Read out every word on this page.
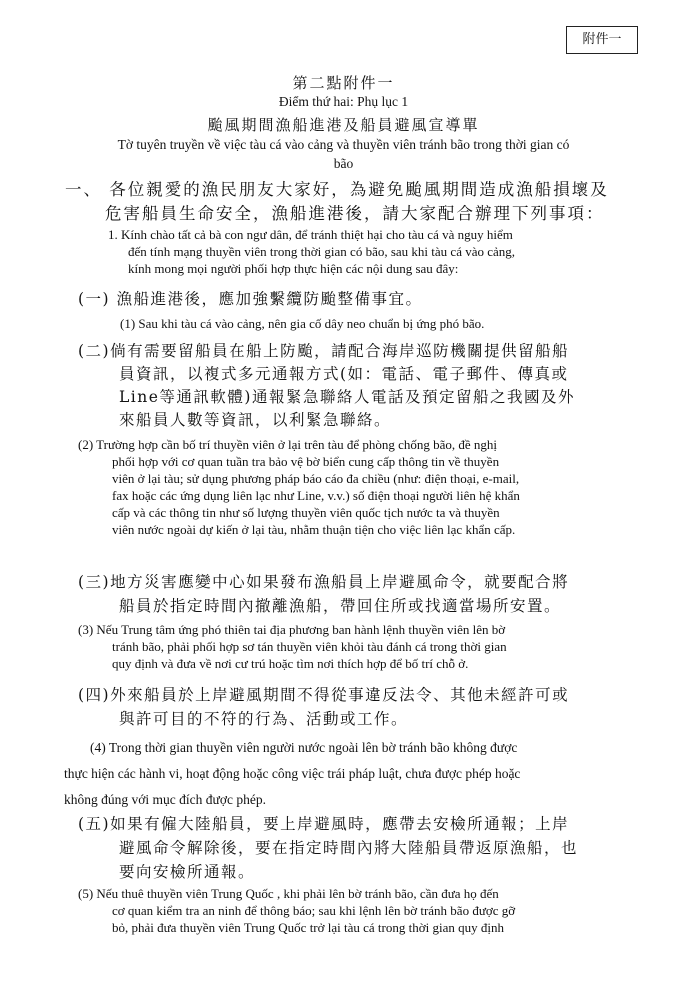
附件一
第二點附件一
Điểm thứ hai: Phụ lục 1
颱風期間漁船進港及船員避風宣導單
Tờ tuyên truyền về việc tàu cá vào cảng và thuyền viên tránh bão trong thời gian có
bão
一、 各位親愛的漁民朋友大家好，為避免颱風期間造成漁船損壞及
危害船員生命安全，漁船進港後，請大家配合辦理下列事項：
1. Kính chào tất cả bà con ngư dân, để tránh thiệt hại cho tàu cá và nguy hiểm
đến tính mạng thuyền viên trong thời gian có bão, sau khi tàu cá vào cảng,
kính mong mọi người phối hợp thực hiện các nội dung sau đây:
(一) 漁船進港後，應加強繫纜防颱整備事宜。
(1) Sau khi tàu cá vào cảng, nên gia cố dây neo chuẩn bị ứng phó bão.
(二)倘有需要留船員在船上防颱，請配合海岸巡防機關提供留船船
員資訊，以複式多元通報方式(如：電話、電子郵件、傳真或
Line等通訊軟體)通報緊急聯絡人電話及預定留船之我國及外
來船員人數等資訊，以利緊急聯絡。
(2) Trường hợp cần bố trí thuyền viên ở lại trên tàu để phòng chống bão, đề nghị
phối hợp với cơ quan tuần tra bảo vệ bờ biển cung cấp thông tin về thuyền
viên ở lại tàu; sử dụng phương pháp báo cáo đa chiều (như: điện thoại, e-mail,
fax hoặc các ứng dụng liên lạc như Line, v.v.) số điện thoại người liên hệ khẩn
cấp và các thông tin như số lượng thuyền viên quốc tịch nước ta và thuyền
viên nước ngoài dự kiến ở lại tàu, nhằm thuận tiện cho việc liên lạc khẩn cấp.
(三)地方災害應變中心如果發布漁船員上岸避風命令，就要配合將
船員於指定時間內撤離漁船，帶回住所或找適當場所安置。
(3) Nếu Trung tâm ứng phó thiên tai địa phương ban hành lệnh thuyền viên lên bờ
tránh bão, phải phối hợp sơ tán thuyền viên khỏi tàu đánh cá trong thời gian
quy định và đưa về nơi cư trú hoặc tìm nơi thích hợp để bố trí chỗ ở.
(四)外來船員於上岸避風期間不得從事違反法令、其他未經許可或
與許可目的不符的行為、活動或工作。
(4) Trong thời gian thuyền viên người nước ngoài lên bờ tránh bão không được
thực hiện các hành vi, hoạt động hoặc công việc trái pháp luật, chưa được phép hoặc
không đúng với mục đích được phép.
(五)如果有僱大陸船員，要上岸避風時，應帶去安檢所通報；上岸
避風命令解除後，要在指定時間內將大陸船員帶返原漁船，也
要向安檢所通報。
(5) Nếu thuê thuyền viên Trung Quốc , khi phải lên bờ tránh bão, cần đưa họ đến
cơ quan kiểm tra an ninh để thông báo; sau khi lệnh lên bờ tránh bão được gỡ
bỏ, phải đưa thuyền viên Trung Quốc trở lại tàu cá trong thời gian quy định
